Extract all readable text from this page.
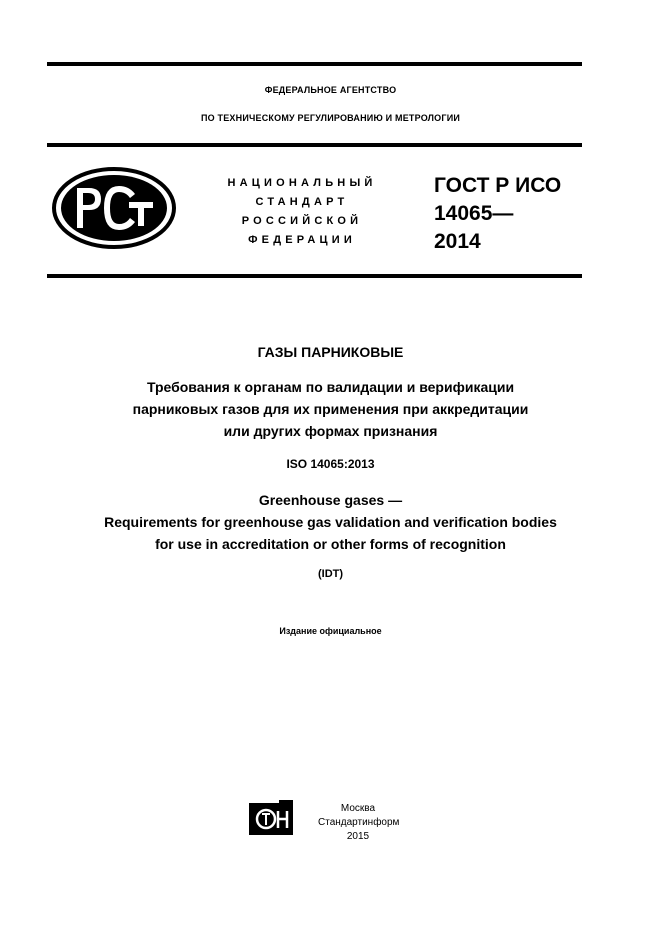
ФЕДЕРАЛЬНОЕ АГЕНТСТВО
ПО ТЕХНИЧЕСКОМУ РЕГУЛИРОВАНИЮ И МЕТРОЛОГИИ
НАЦИОНАЛЬНЫЙ
СТАНДАРТ
РОССИЙСКОЙ
ФЕДЕРАЦИИ
ГОСТ Р ИСО
14065—
2014
ГАЗЫ ПАРНИКОВЫЕ
Требования к органам по валидации и верификации
парниковых газов для их применения при аккредитации
или других формах признания
ISO 14065:2013
Greenhouse gases —
Requirements for greenhouse gas validation and verification bodies
for use in accreditation or other forms of recognition
(IDT)
Издание официальное
Москва
Стандартинформ
2015
